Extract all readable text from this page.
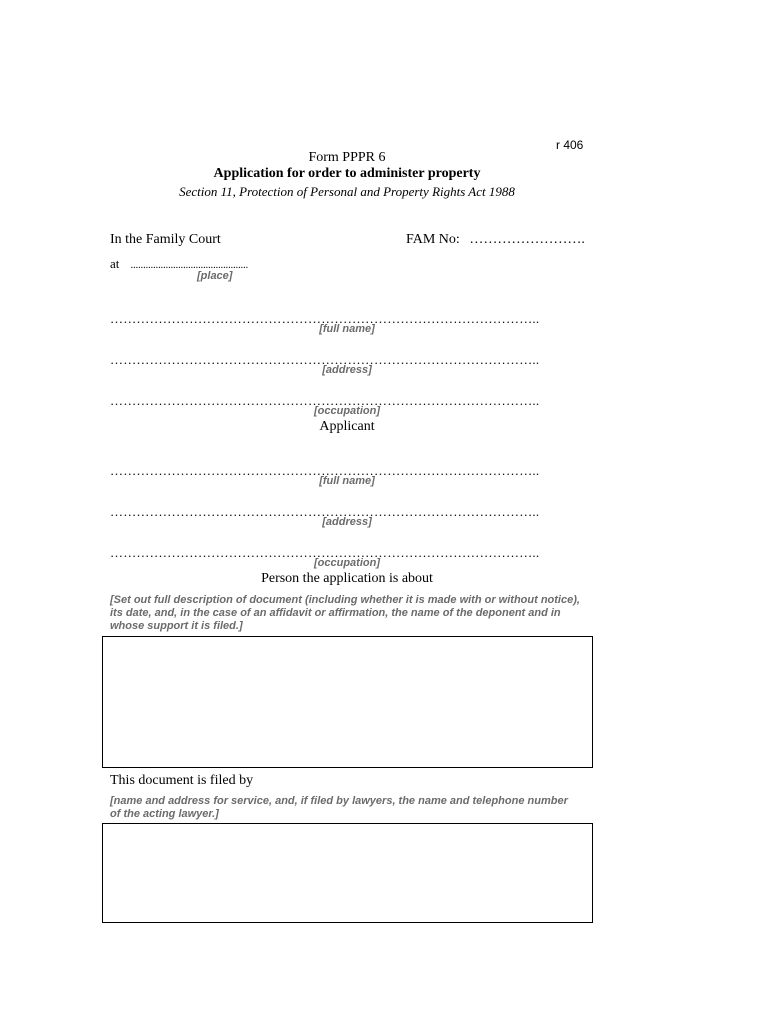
r 406
Form PPPR 6
Application for order to administer property
Section 11, Protection of Personal and Property Rights Act 1988
In the Family Court	FAM No: …………………….
at ...............................................
[place]
……………………………………………………………………………………..
[full name]
……………………………………………………………………………………..
[address]
……………………………………………………………………………………..
[occupation]
Applicant
……………………………………………………………………………………..
[full name]
……………………………………………………………………………………..
[address]
……………………………………………………………………………………..
[occupation]
Person the application is about
[Set out full description of document (including whether it is made with or without notice), its date, and, in the case of an affidavit or affirmation, the name of the deponent and in whose support it is filed.]
This document is filed by
[name and address for service, and, if filed by lawyers, the name and telephone number of the acting lawyer.]
